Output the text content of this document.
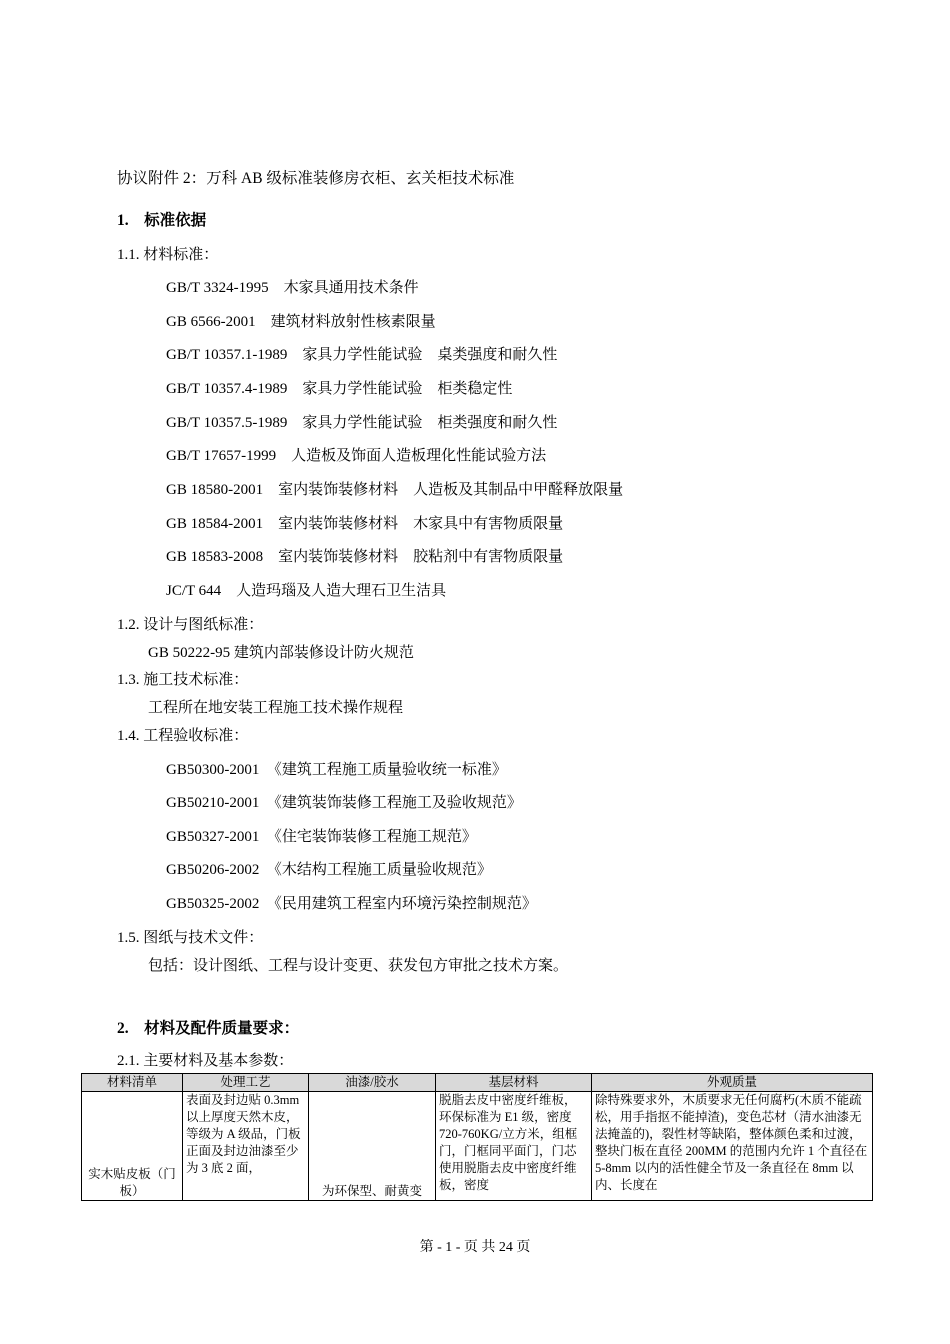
协议附件 2：万科 AB 级标准装修房衣柜、玄关柜技术标准
1.　标准依据
1.1. 材料标准：
GB/T 3324-1995　木家具通用技术条件
GB 6566-2001　建筑材料放射性核素限量
GB/T 10357.1-1989　家具力学性能试验　桌类强度和耐久性
GB/T 10357.4-1989　家具力学性能试验　柜类稳定性
GB/T 10357.5-1989　家具力学性能试验　柜类强度和耐久性
GB/T 17657-1999　人造板及饰面人造板理化性能试验方法
GB 18580-2001　室内装饰装修材料　人造板及其制品中甲醛释放限量
GB 18584-2001　室内装饰装修材料　木家具中有害物质限量
GB 18583-2008　室内装饰装修材料　胶粘剂中有害物质限量
JC/T 644　人造玛瑙及人造大理石卫生洁具
1.2. 设计与图纸标准：
GB 50222-95 建筑内部装修设计防火规范
1.3. 施工技术标准：
工程所在地安装工程施工技术操作规程
1.4. 工程验收标准：
GB50300-2001　《建筑工程施工质量验收统一标准》
GB50210-2001　《建筑装饰装修工程施工及验收规范》
GB50327-2001　《住宅装饰装修工程施工规范》
GB50206-2002　《木结构工程施工质量验收规范》
GB50325-2002　《民用建筑工程室内环境污染控制规范》
1.5. 图纸与技术文件：
包括：设计图纸、工程与设计变更、获发包方审批之技术方案。
2.　材料及配件质量要求：
2.1. 主要材料及基本参数：
材料清单	处理工艺	油漆/胶水	基层材料	外观质量

实木贴皮板（门板）	表面及封边贴 0.3mm 以上厚度天然木皮，等级为 A 级品，门板正面及封边油漆至少为 3 底 2 面，	为环保型、耐黄变	脱脂去皮中密度纤维板，环保标准为 E1 级，密度 720-760KG/立方米，组框门，门框同平面门，门芯使用脱脂去皮中密度纤维板，密度	除特殊要求外，木质要求无任何腐朽(木质不能疏松，用手指抠不能掉渣)，变色芯材（清水油漆无法掩盖的)，裂性材等缺陷，整体颜色柔和过渡，整块门板在直径 200MM 的范围内允许 1 个直径在 5-8mm 以内的活性健全节及一条直径在 8mm 以内、长度在
第 - 1 - 页 共 24 页
